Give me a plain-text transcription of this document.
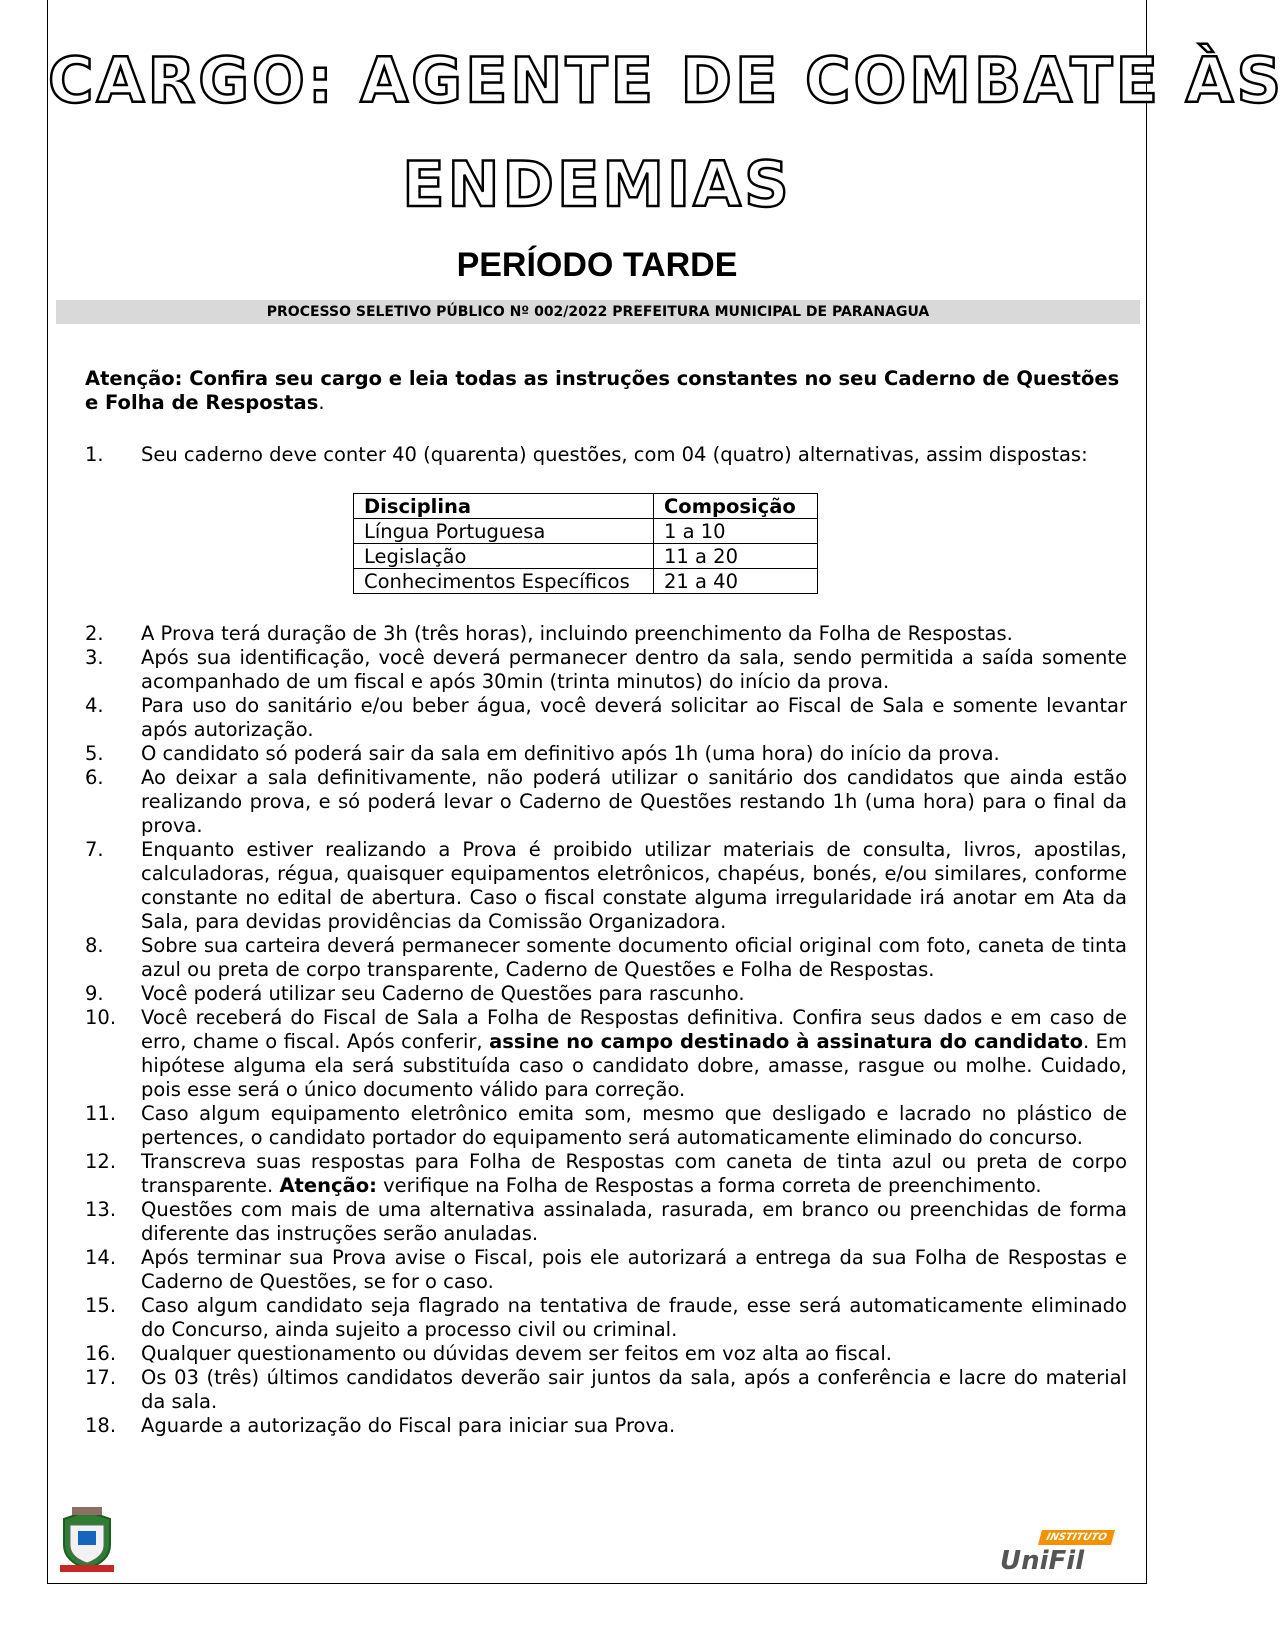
CARGO: AGENTE DE COMBATE ÀS
ENDEMIAS
PERÍODO TARDE
PROCESSO SELETIVO PÚBLICO Nº 002/2022 PREFEITURA MUNICIPAL DE PARANAGUA
Atenção: Confira seu cargo e leia todas as instruções constantes no seu Caderno de Questões e Folha de Respostas.
1.	Seu caderno deve conter 40 (quarenta) questões, com 04 (quatro) alternativas, assim dispostas:
Disciplina	Composição
Língua Portuguesa	1 a 10
Legislação	11 a 20
Conhecimentos Específicos	21 a 40
2.	A Prova terá duração de 3h (três horas), incluindo preenchimento da Folha de Respostas.
3.	Após sua identificação, você deverá permanecer dentro da sala, sendo permitida a saída somente acompanhado de um fiscal e após 30min (trinta minutos) do início da prova.
4.	Para uso do sanitário e/ou beber água, você deverá solicitar ao Fiscal de Sala e somente levantar após autorização.
5.	O candidato só poderá sair da sala em definitivo após 1h (uma hora) do início da prova.
6.	Ao deixar a sala definitivamente, não poderá utilizar o sanitário dos candidatos que ainda estão realizando prova, e só poderá levar o Caderno de Questões restando 1h (uma hora) para o final da prova.
7.	Enquanto estiver realizando a Prova é proibido utilizar materiais de consulta, livros, apostilas, calculadoras, régua, quaisquer equipamentos eletrônicos, chapéus, bonés, e/ou similares, conforme constante no edital de abertura. Caso o fiscal constate alguma irregularidade irá anotar em Ata da Sala, para devidas providências da Comissão Organizadora.
8.	Sobre sua carteira deverá permanecer somente documento oficial original com foto, caneta de tinta azul ou preta de corpo transparente, Caderno de Questões e Folha de Respostas.
9.	Você poderá utilizar seu Caderno de Questões para rascunho.
10.	Você receberá do Fiscal de Sala a Folha de Respostas definitiva. Confira seus dados e em caso de erro, chame o fiscal. Após conferir, assine no campo destinado à assinatura do candidato. Em hipótese alguma ela será substituída caso o candidato dobre, amasse, rasgue ou molhe. Cuidado, pois esse será o único documento válido para correção.
11.	Caso algum equipamento eletrônico emita som, mesmo que desligado e lacrado no plástico de pertences, o candidato portador do equipamento será automaticamente eliminado do concurso.
12.	Transcreva suas respostas para Folha de Respostas com caneta de tinta azul ou preta de corpo transparente. Atenção: verifique na Folha de Respostas a forma correta de preenchimento.
13.	Questões com mais de uma alternativa assinalada, rasurada, em branco ou preenchidas de forma diferente das instruções serão anuladas.
14.	Após terminar sua Prova avise o Fiscal, pois ele autorizará a entrega da sua Folha de Respostas e Caderno de Questões, se for o caso.
15.	Caso algum candidato seja flagrado na tentativa de fraude, esse será automaticamente eliminado do Concurso, ainda sujeito a processo civil ou criminal.
16.	Qualquer questionamento ou dúvidas devem ser feitos em voz alta ao fiscal.
17.	Os 03 (três) últimos candidatos deverão sair juntos da sala, após a conferência e lacre do material da sala.
18.	Aguarde a autorização do Fiscal para iniciar sua Prova.
INSTITUTO
UniFil
